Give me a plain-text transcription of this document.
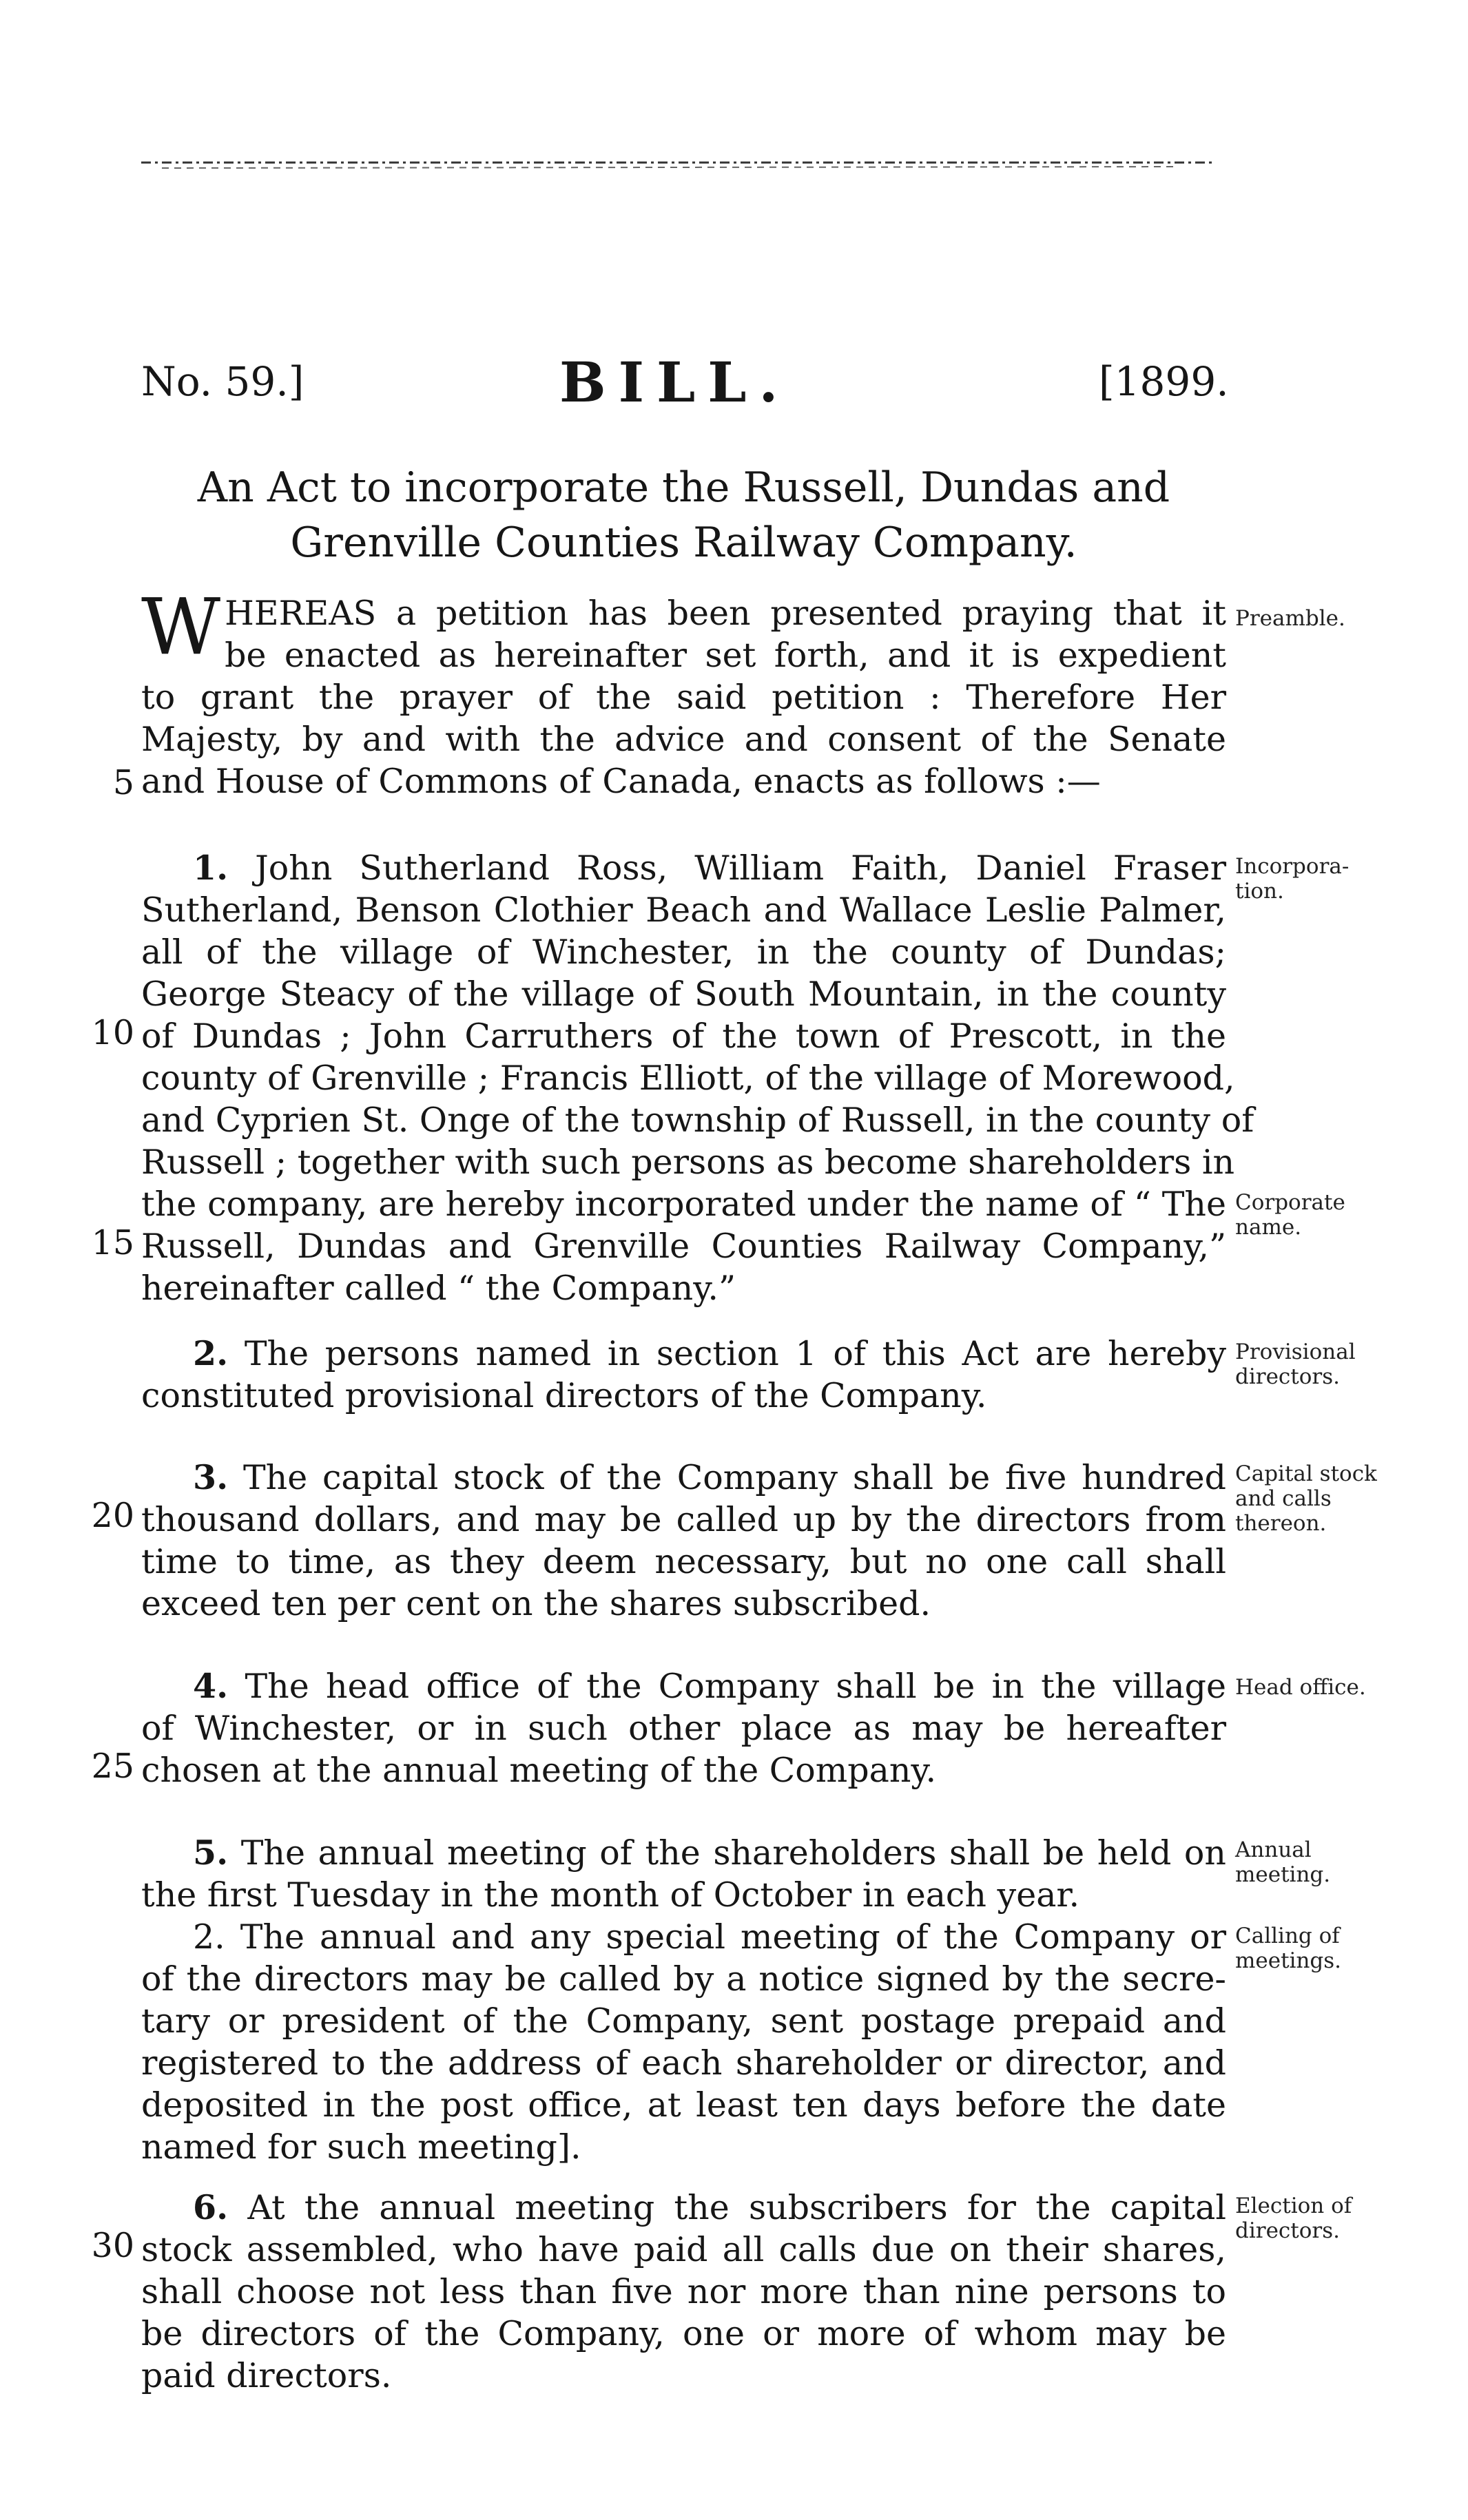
No. 59.]	BILL.	[1899.
An Act to incorporate the Russell, Dundas and
Grenville Counties Railway Company.
W HEREAS a petition has been presented praying that it
be enacted as hereinafter set forth, and it is expedient
to grant the prayer of the said petition : Therefore Her
Majesty, by and with the advice and consent of the Senate
and House of Commons of Canada, enacts as follows :—
1. John Sutherland Ross, William Faith, Daniel Fraser
Sutherland, Benson Clothier Beach and Wallace Leslie Palmer,
all of the village of Winchester, in the county of Dundas;
George Steacy of the village of South Mountain, in the county
of Dundas ; John Carruthers of the town of Prescott, in the
county of Grenville ; Francis Elliott, of the village of Morewood,
and Cyprien St. Onge of the township of Russell, in the county of
Russell ; together with such persons as become shareholders in
the company, are hereby incorporated under the name of “ The
Russell, Dundas and Grenville Counties Railway Company,”
hereinafter called “ the Company.”
2. The persons named in section 1 of this Act are hereby
constituted provisional directors of the Company.
3. The capital stock of the Company shall be five hundred
thousand dollars, and may be called up by the directors from
time to time, as they deem necessary, but no one call shall
exceed ten per cent on the shares subscribed.
4. The head office of the Company shall be in the village
of Winchester, or in such other place as may be hereafter
chosen at the annual meeting of the Company.
5. The annual meeting of the shareholders shall be held on
the first Tuesday in the month of October in each year.
2. The annual and any special meeting of the Company or
of the directors may be called by a notice signed by the secre-
tary or president of the Company, sent postage prepaid and
registered to the address of each shareholder or director, and
deposited in the post office, at least ten days before the date
named for such meeting].
6. At the annual meeting the subscribers for the capital
stock assembled, who have paid all calls due on their shares,
shall choose not less than five nor more than nine persons to
be directors of the Company, one or more of whom may be
paid directors.
5
10
15
20
25
30
Preamble.
Incorpora-
tion.
Corporate
name.
Provisional
directors.
Capital stock
and calls
thereon.
Head office.
Annual
meeting.
Calling of
meetings.
Election of
directors.
